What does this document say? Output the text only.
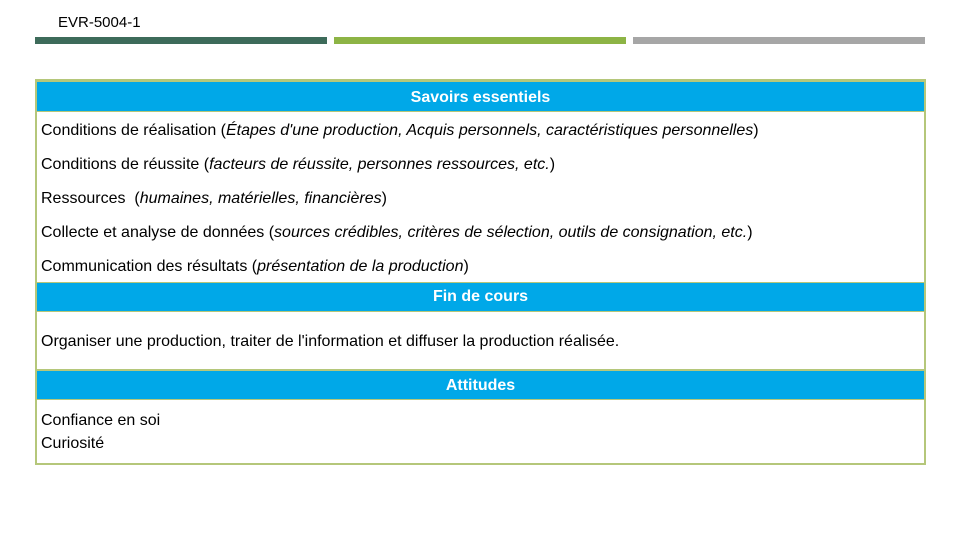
EVR-5004-1
Savoirs essentiels
Conditions de réalisation (Étapes d'une production, Acquis personnels, caractéristiques personnelles)
Conditions de réussite (facteurs de réussite, personnes ressources, etc.)
Ressources  (humaines, matérielles, financières)
Collecte et analyse de données (sources crédibles, critères de sélection, outils de consignation, etc.)
Communication des résultats (présentation de la production)
Fin de cours
Organiser une production, traiter de l'information et diffuser la production réalisée.
Attitudes
Confiance en soi
Curiosité
